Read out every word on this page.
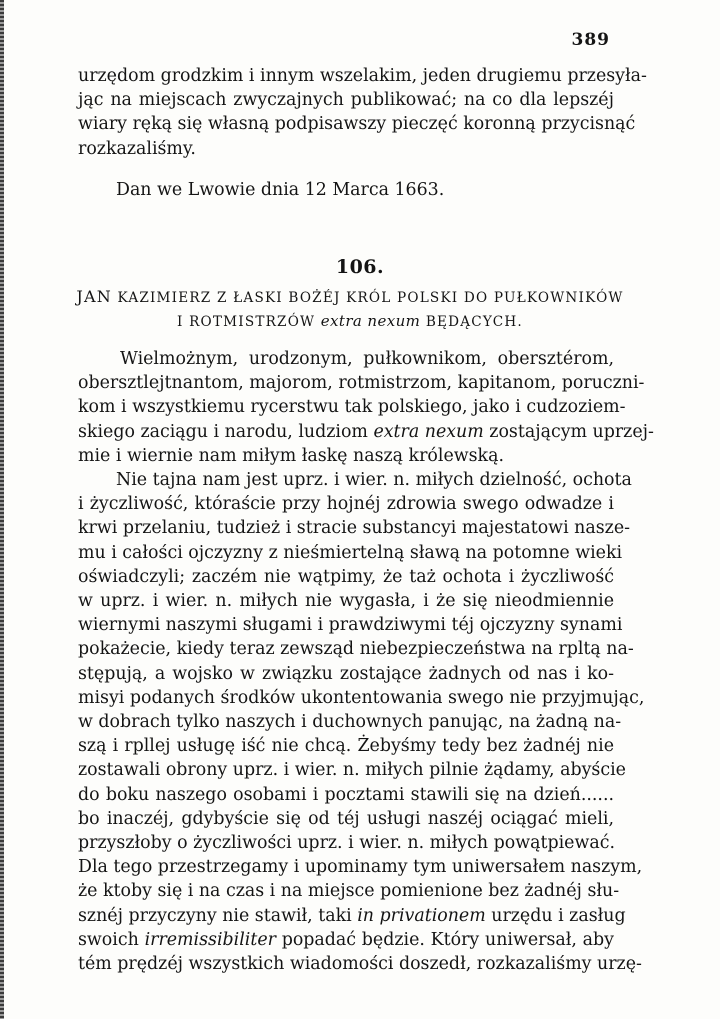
389
urzędom grodzkim i innym wszelakim, jeden drugiemu przesyła-
jąc na miejscach zwyczajnych publikować; na co dla lepszéj
wiary ręką się własną podpisawszy pieczęć koronną przycisnąć
rozkazaliśmy.
Dan we Lwowie dnia 12 Marca 1663.
106.
JAN KAZIMIERZ Z ŁASKI BOŻÉJ KRÓL POLSKI DO PUŁKOWNIKÓW
I ROTMISTRZÓW extra nexum BĘDĄCYCH.
Wielmożnym, urodzonym, pułkownikom, obersztérom,
obersztlejtnantom, majorom, rotmistrzom, kapitanom, porucznі-
kom i wszystkiemu rycerstwu tak polskiego, jako i cudzoziem-
skiego zaciągu i narodu, ludziom extra nexum zostającym uprzej-
mie i wiernie nam miłym łaskę naszą królewską.
Nie tajna nam jest uprz. i wier. n. miłych dzielność, ochota
i życzliwość, któraście przy hojnéj zdrowia swego odwadze i
krwi przelaniu, tudzież i stracie substancyi majestatowi nasze-
mu i całości ojczyzny z nieśmiertelną sławą na potomne wieki
oświadczyli; zaczém nie wątpimy, że taż ochota i życzliwość
w uprz. i wier. n. miłych nie wygasła, i że się nieodmiennie
wiernymi naszymi sługami i prawdziwymi téj ojczyzny synami
pokażecie, kiedy teraz zewsząd niebezpieczeństwa na rpltą na-
stępują, a wojsko w związku zostające żadnych od nas i ko-
misyi podanych środków ukontentowania swego nie przyjmując,
w dobrach tylko naszych i duchownych panując, na żadną na-
szą i rpllej usługę iść nie chcą. Żebyśmy tedy bez żadnéj nie
zostawali obrony uprz. i wier. n. miłych pilnie żądamy, abyście
do boku naszego osobami i pocztami stawili się na dzień......
bo inaczéj, gdybyście się od téj usługi naszéj ociągać mieli,
przyszłoby o życzliwości uprz. i wier. n. miłych powątpiewać.
Dla tego przestrzegamy i upominamy tym uniwersałem naszym,
że ktoby się i na czas i na miejsce pomienione bez żadnéj słu-
sznéj przyczyny nie stawił, taki in privationem urzędu i zasług
swoich irremissibiliter popadać będzie. Który uniwersał, aby
tém prędzéj wszystkich wiadomości doszedł, rozkazaliśmy urzę-
